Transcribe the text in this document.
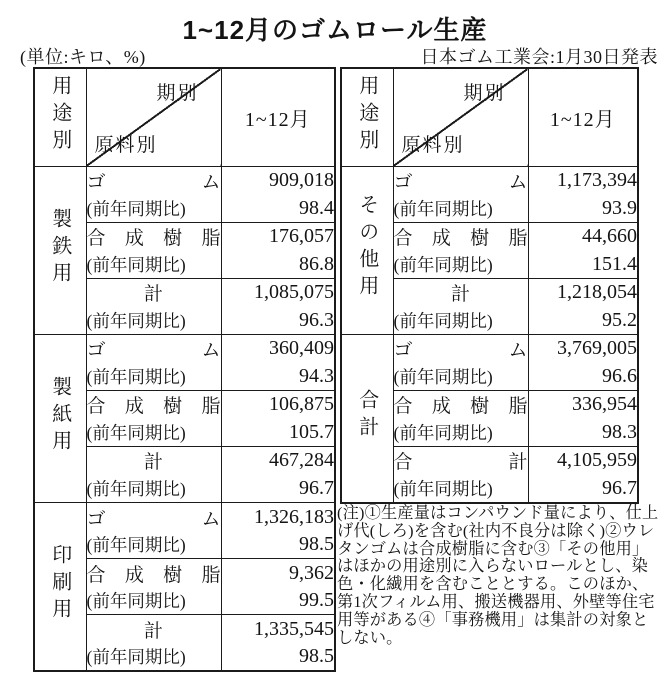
1~12月のゴムロール生産
(単位:キロ、%)	日本ゴム工業会:1月30日発表
用途別	期別
原料別	1~12月
製鉄用	ゴム	909,018
	(前年同期比)	98.4
	合成樹脂	176,057
	(前年同期比)	86.8
	計	1,085,075
	(前年同期比)	96.3
製紙用	ゴム	360,409
	(前年同期比)	94.3
	合成樹脂	106,875
	(前年同期比)	105.7
	計	467,284
	(前年同期比)	96.7
印刷用	ゴム	1,326,183
	(前年同期比)	98.5
	合成樹脂	9,362
	(前年同期比)	99.5
	計	1,335,545
	(前年同期比)	98.5
用途別	期別
原料別	1~12月
その他用	ゴム	1,173,394
	(前年同期比)	93.9
	合成樹脂	44,660
	(前年同期比)	151.4
	計	1,218,054
	(前年同期比)	95.2
合計	ゴム	3,769,005
	(前年同期比)	96.6
	合成樹脂	336,954
	(前年同期比)	98.3
	合計	4,105,959
	(前年同期比)	96.7
(注)①生産量はコンパウンド量により、仕上げ代(しろ)を含む(社内不良分は除く)②ウレタンゴムは合成樹脂に含む③「その他用」はほかの用途別に入らないロールとし、染色・化繊用を含むこととする。このほか、第1次フィルム用、搬送機器用、外壁等住宅用等がある④「事務機用」は集計の対象としない。
